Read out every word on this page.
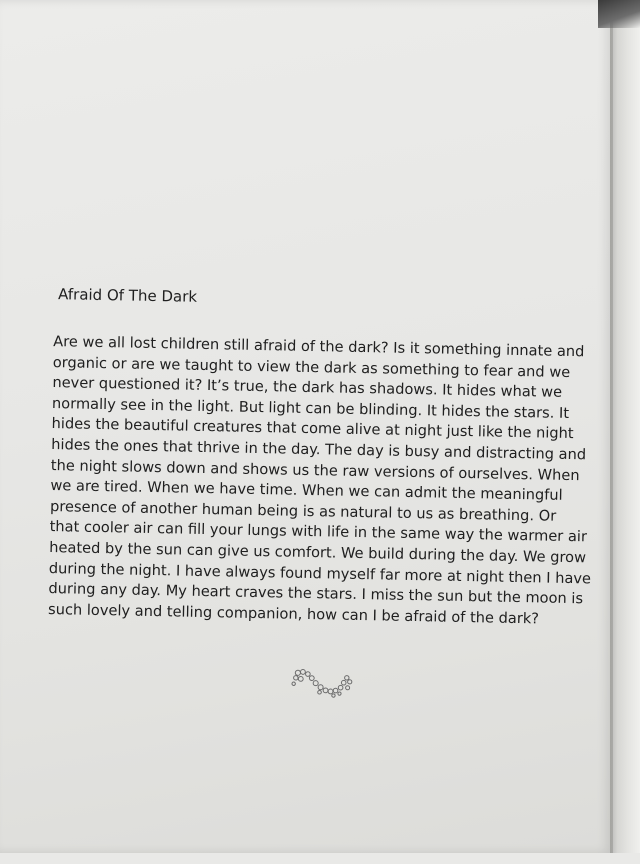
Afraid Of The Dark

Are we all lost children still afraid of the dark? Is it something innate and
organic or are we taught to view the dark as something to fear and we
never questioned it? It’s true, the dark has shadows. It hides what we
normally see in the light. But light can be blinding. It hides the stars. It
hides the beautiful creatures that come alive at night just like the night
hides the ones that thrive in the day. The day is busy and distracting and
the night slows down and shows us the raw versions of ourselves. When
we are tired. When we have time. When we can admit the meaningful
presence of another human being is as natural to us as breathing. Or
that cooler air can fill your lungs with life in the same way the warmer air
heated by the sun can give us comfort. We build during the day. We grow
during the night. I have always found myself far more at night then I have
during any day. My heart craves the stars. I miss the sun but the moon is
such lovely and telling companion, how can I be afraid of the dark?
